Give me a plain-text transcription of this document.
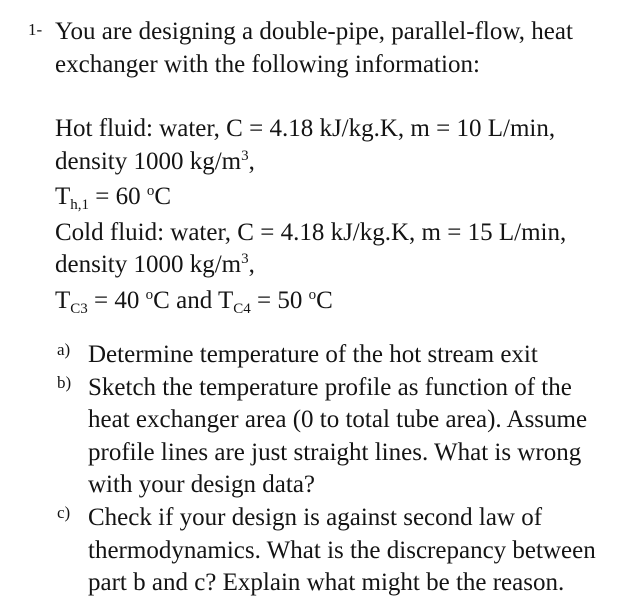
1- You are designing a double-pipe, parallel-flow, heat
exchanger with the following information:
Hot fluid: water, C = 4.18 kJ/kg.K, m = 10 L/min,
density 1000 $kg/m^3$,
$T_{h,1} = 60$ $^o$C
Cold fluid: water, C = 4.18 kJ/kg.K, m = 15 L/min,
density 1000 $kg/m^3$,
$T_{C3} = 40$ $^o$C and $T_{C4} = 50$ $^o$C
a) Determine temperature of the hot stream exit
b) Sketch the temperature profile as function of the
heat exchanger area (0 to total tube area). Assume
profile lines are just straight lines. What is wrong
with your design data?
c) Check if your design is against second law of
thermodynamics. What is the discrepancy between
part b and c? Explain what might be the reason.
